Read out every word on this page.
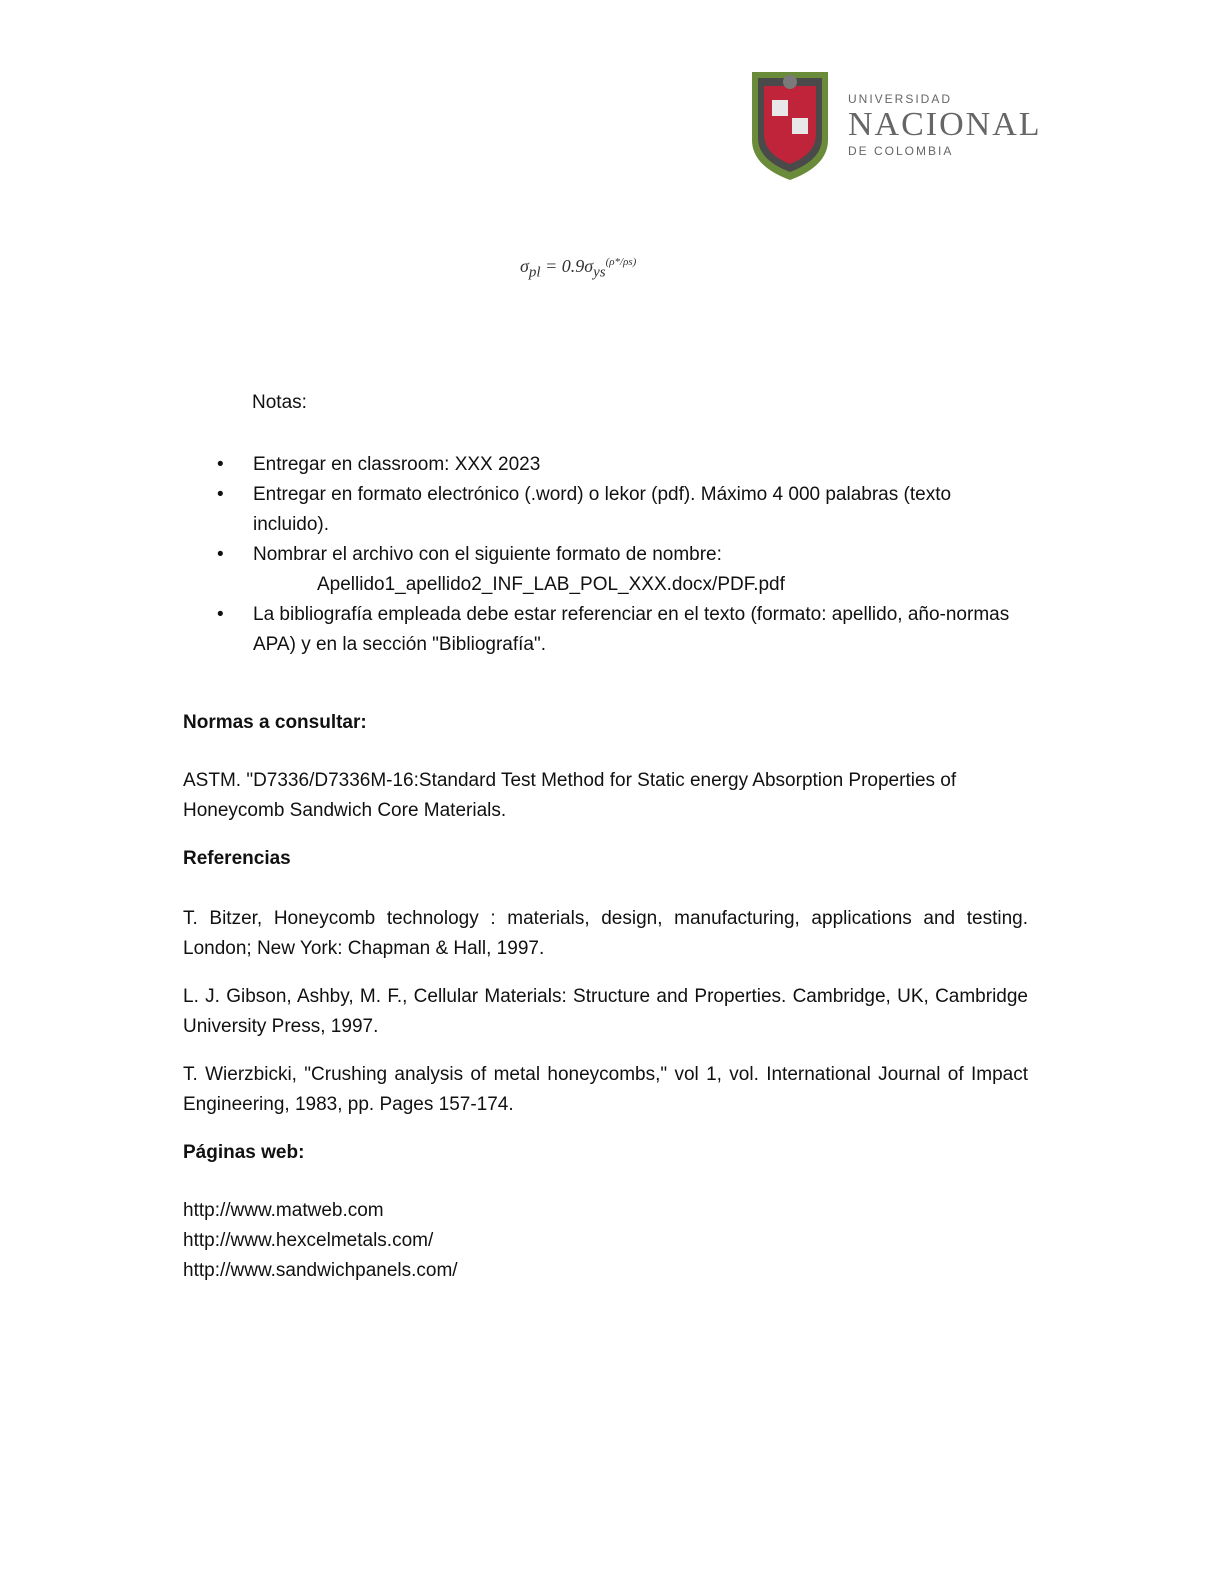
UNIVERSIDAD
NACIONAL
DE COLOMBIA
$\sigma_{pl} = 0.9\sigma_{ys}^{(\rho*/\rho s)}$
Notas:
• Entregar en classroom: XXX 2023
• Entregar en formato electrónico (.word) o lekor (pdf). Máximo 4 000 palabras (texto incluido).
• Nombrar el archivo con el siguiente formato de nombre:
Apellido1_apellido2_INF_LAB_POL_XXX.docx/PDF.pdf
• La bibliografía empleada debe estar referenciar en el texto (formato: apellido, año-normas APA) y en la sección "Bibliografía".
Normas a consultar:
ASTM. "D7336/D7336M-16:Standard Test Method for Static energy Absorption Properties of Honeycomb Sandwich Core Materials.
Referencias
T. Bitzer, Honeycomb technology : materials, design, manufacturing, applications and testing. London; New York: Chapman & Hall, 1997.
L. J. Gibson, Ashby, M. F., Cellular Materials: Structure and Properties. Cambridge, UK, Cambridge University Press, 1997.
T. Wierzbicki, "Crushing analysis of metal honeycombs," vol 1, vol. International Journal of Impact Engineering, 1983, pp. Pages 157-174.
Páginas web:
http://www.matweb.com
http://www.hexcelmetals.com/
http://www.sandwichpanels.com/
